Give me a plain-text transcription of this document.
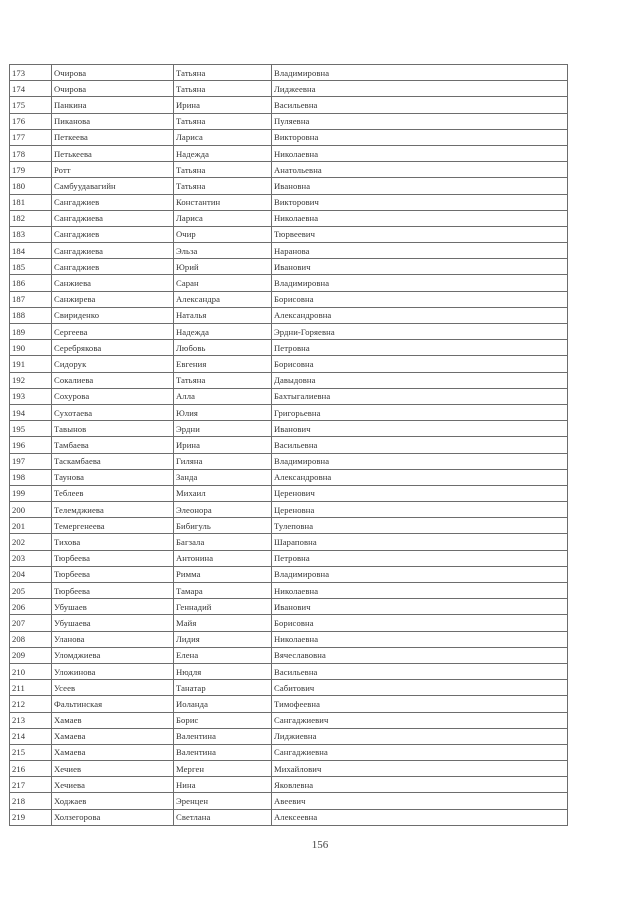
173	Очирова	Татьяна	Владимировна
174	Очирова	Татьяна	Лиджеевна
175	Панкина	Ирина	Васильевна
176	Пиканова	Татьяна	Пуляевна
177	Петкеева	Лариса	Викторовна
178	Петькеева	Надежда	Николаевна
179	Ротт	Татьяна	Анатольевна
180	Самбуудавагийн	Татьяна	Ивановна
181	Сангаджиев	Константин	Викторович
182	Сангаджиева	Лариса	Николаевна
183	Сангаджиев	Очир	Тюрвеевич
184	Сангаджиева	Эльза	Наранова
185	Сангаджиев	Юрий	Иванович
186	Санжиева	Саран	Владимировна
187	Санжирева	Александра	Борисовна
188	Свириденко	Наталья	Александровна
189	Сергеева	Надежда	Эрдни-Горяевна
190	Серебрякова	Любовь	Петровна
191	Сидорук	Евгения	Борисовна
192	Сокалиева	Татьяна	Давыдовна
193	Сохурова	Алла	Бахтыгалиевна
194	Сухотаева	Юлия	Григорьевна
195	Тавынов	Эрдни	Иванович
196	Тамбаева	Ирина	Васильевна
197	Таскамбаева	Гиляна	Владимировна
198	Таунова	Занда	Александровна
199	Теблеев	Михаил	Церенович
200	Телемджиева	Элеонора	Цереновна
201	Темергенеева	Бибигуль	Тулеповна
202	Тихова	Багзала	Шараповна
203	Тюрбеева	Антонина	Петровна
204	Тюрбеева	Римма	Владимировна
205	Тюрбеева	Тамара	Николаевна
206	Убушаев	Геннадий	Иванович
207	Убушаева	Майя	Борисовна
208	Уланова	Лидия	Николаевна
209	Уломджиева	Елена	Вячеславовна
210	Уложинова	Нюдля	Васильевна
211	Усеев	Танатар	Сабитович
212	Фальтинская	Иоланда	Тимофеевна
213	Хамаев	Борис	Сангаджиевич
214	Хамаева	Валентина	Лиджиевна
215	Хамаева	Валентина	Сангаджиевна
216	Хечиев	Мерген	Михайлович
217	Хечиева	Нина	Яковлевна
218	Ходжаев	Эренцен	Авеевич
219	Холзегорова	Светлана	Алексеевна
156
